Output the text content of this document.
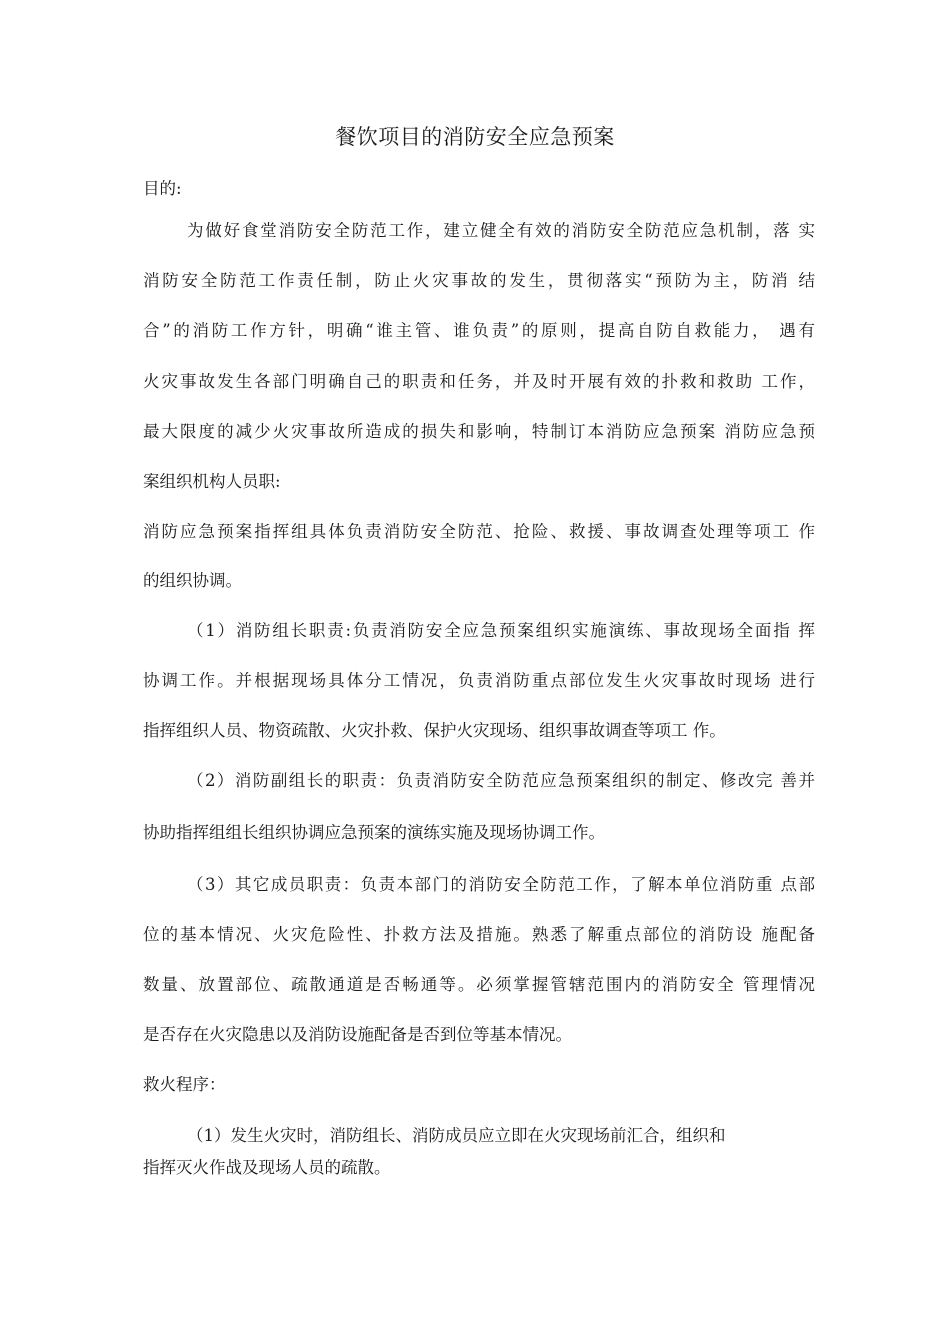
餐饮项目的消防安全应急预案
目的:
为做好食堂消防安全防范工作，建立健全有效的消防安全防范应急机制，落 实
消防安全防范工作责任制，防止火灾事故的发生，贯彻落实“预防为主，防消 结
合”的消防工作方针，明确“谁主管、谁负责”的原则，提高自防自救能力， 遇有
火灾事故发生各部门明确自己的职责和任务，并及时开展有效的扑救和救助 工作，
最大限度的减少火灾事故所造成的损失和影响，特制订本消防应急预案 消防应急预
案组织机构人员职:
消防应急预案指挥组具体负责消防安全防范、抢险、救援、事故调查处理等项工 作
的组织协调。
（1）消防组长职责:负责消防安全应急预案组织实施演练、事故现场全面指 挥
协调工作。并根据现场具体分工情况，负责消防重点部位发生火灾事故时现场 进行
指挥组织人员、物资疏散、火灾扑救、保护火灾现场、组织事故调查等项工 作。
（2）消防副组长的职责：负责消防安全防范应急预案组织的制定、修改完 善并
协助指挥组组长组织协调应急预案的演练实施及现场协调工作。
（3）其它成员职责：负责本部门的消防安全防范工作，了解本单位消防重 点部
位的基本情况、火灾危险性、扑救方法及措施。熟悉了解重点部位的消防设 施配备
数量、放置部位、疏散通道是否畅通等。必须掌握管辖范围内的消防安全 管理情况
是否存在火灾隐患以及消防设施配备是否到位等基本情况。
救火程序：
（1）发生火灾时，消防组长、消防成员应立即在火灾现场前汇合，组织和
指挥灭火作战及现场人员的疏散。
